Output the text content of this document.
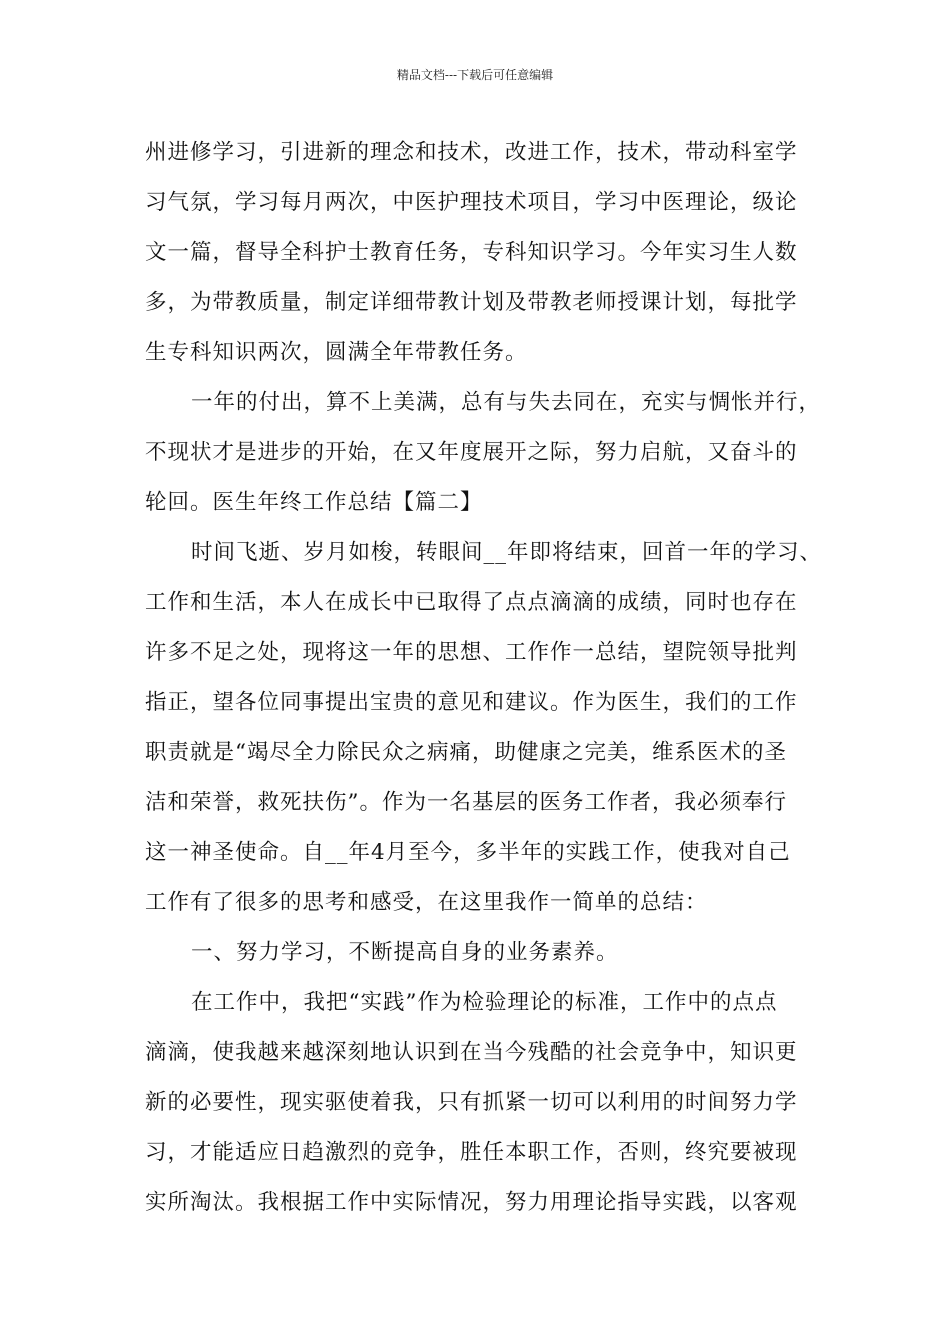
精品文档---下载后可任意编辑
州进修学习，引进新的理念和技术，改进工作，技术，带动科室学
习气氛，学习每月两次，中医护理技术项目，学习中医理论，级论
文一篇，督导全科护士教育任务，专科知识学习。今年实习生人数
多，为带教质量，制定详细带教计划及带教老师授课计划，每批学
生专科知识两次，圆满全年带教任务。
一年的付出，算不上美满，总有与失去同在，充实与惆怅并行，
不现状才是进步的开始，在又年度展开之际，努力启航，又奋斗的
轮回。医生年终工作总结【篇二】
时间飞逝、岁月如梭，转眼间__年即将结束，回首一年的学习、
工作和生活，本人在成长中已取得了点点滴滴的成绩，同时也存在
许多不足之处，现将这一年的思想、工作作一总结，望院领导批判
指正，望各位同事提出宝贵的意见和建议。作为医生，我们的工作
职责就是“竭尽全力除民众之病痛，助健康之完美，维系医术的圣
洁和荣誉，救死扶伤”。作为一名基层的医务工作者，我必须奉行
这一神圣使命。自__年4月至今，多半年的实践工作，使我对自己
工作有了很多的思考和感受，在这里我作一简单的总结：
一、努力学习，不断提高自身的业务素养。
在工作中，我把“实践”作为检验理论的标准，工作中的点点
滴滴，使我越来越深刻地认识到在当今残酷的社会竞争中，知识更
新的必要性，现实驱使着我，只有抓紧一切可以利用的时间努力学
习，才能适应日趋激烈的竞争，胜任本职工作，否则，终究要被现
实所淘汰。我根据工作中实际情况，努力用理论指导实践，以客观
